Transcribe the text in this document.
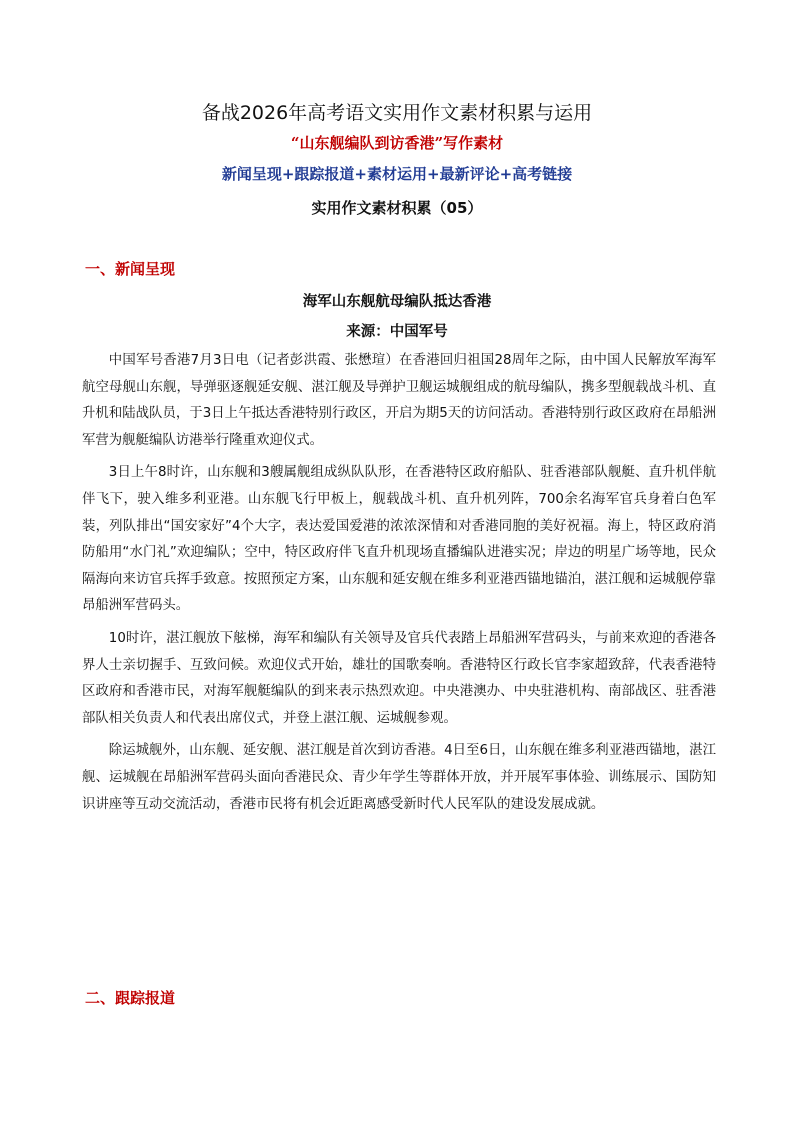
备战2026年高考语文实用作文素材积累与运用
“山东舰编队到访香港”写作素材
新闻呈现+跟踪报道+素材运用+最新评论+高考链接
实用作文素材积累（05）
一、新闻呈现
海军山东舰航母编队抵达香港
来源：中国军号

中国军号香港7月3日电（记者彭洪霞、张懋瑄）在香港回归祖国28周年之际，由中国人民解放军海军航空母舰山东舰，导弹驱逐舰延安舰、湛江舰及导弹护卫舰运城舰组成的航母编队，携多型舰载战斗机、直升机和陆战队员，于3日上午抵达香港特别行政区，开启为期5天的访问活动。香港特别行政区政府在昂船洲军营为舰艇编队访港举行隆重欢迎仪式。

3日上午8时许，山东舰和3艘属舰组成纵队队形，在香港特区政府船队、驻香港部队舰艇、直升机伴航伴飞下，驶入维多利亚港。山东舰飞行甲板上，舰载战斗机、直升机列阵，700余名海军官兵身着白色军装，列队排出“国安家好”4个大字，表达爱国爱港的浓浓深情和对香港同胞的美好祝福。海上，特区政府消防船用“水门礼”欢迎编队；空中，特区政府伴飞直升机现场直播编队进港实况；岸边的明星广场等地，民众隔海向来访官兵挥手致意。按照预定方案，山东舰和延安舰在维多利亚港西锚地锚泊，湛江舰和运城舰停靠昂船洲军营码头。

10时许，湛江舰放下舷梯，海军和编队有关领导及官兵代表踏上昂船洲军营码头，与前来欢迎的香港各界人士亲切握手、互致问候。欢迎仪式开始，雄壮的国歌奏响。香港特区行政长官李家超致辞，代表香港特区政府和香港市民，对海军舰艇编队的到来表示热烈欢迎。中央港澳办、中央驻港机构、南部战区、驻香港部队相关负责人和代表出席仪式，并登上湛江舰、运城舰参观。

除运城舰外，山东舰、延安舰、湛江舰是首次到访香港。4日至6日，山东舰在维多利亚港西锚地，湛江舰、运城舰在昂船洲军营码头面向香港民众、青少年学生等群体开放，并开展军事体验、训练展示、国防知识讲座等互动交流活动，香港市民将有机会近距离感受新时代人民军队的建设发展成就。

二、跟踪报道
